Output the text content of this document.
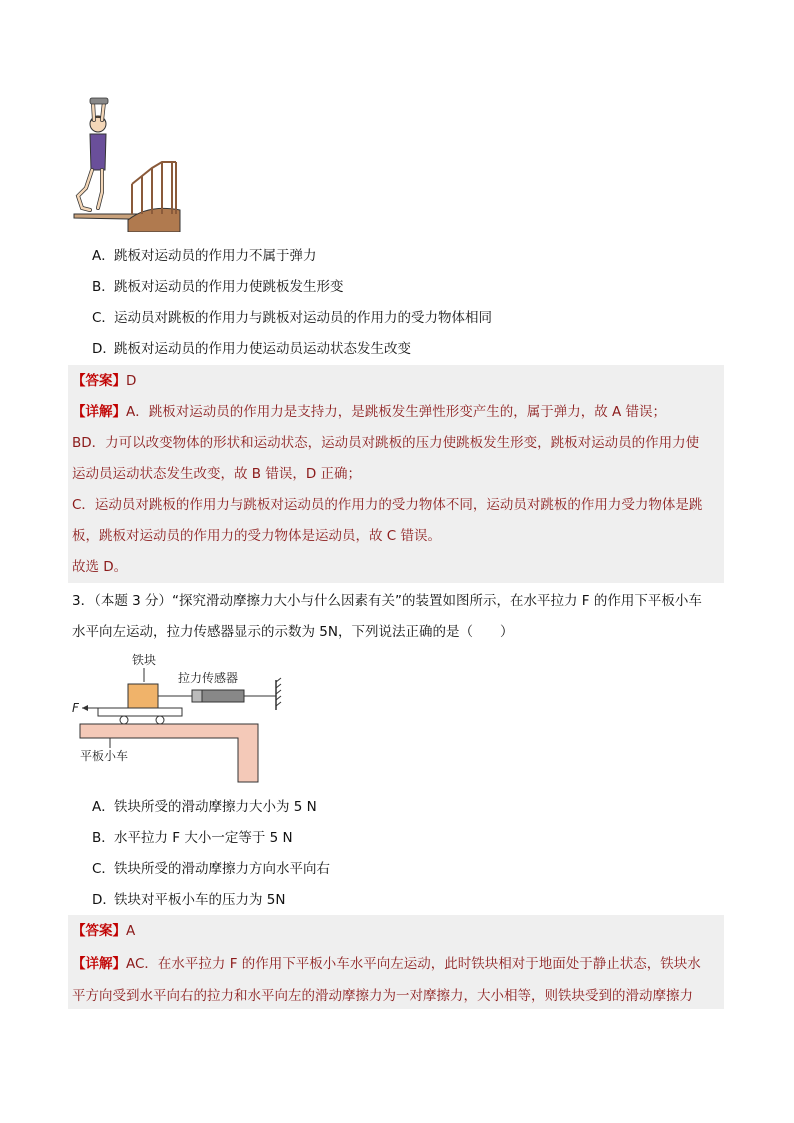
A．跳板对运动员的作用力不属于弹力
B．跳板对运动员的作用力使跳板发生形变
C．运动员对跳板的作用力与跳板对运动员的作用力的受力物体相同
D．跳板对运动员的作用力使运动员运动状态发生改变
【答案】D
【详解】A．跳板对运动员的作用力是支持力，是跳板发生弹性形变产生的，属于弹力，故 A 错误；
BD．力可以改变物体的形状和运动状态，运动员对跳板的压力使跳板发生形变，跳板对运动员的作用力使
运动员运动状态发生改变，故 B 错误，D 正确；
C．运动员对跳板的作用力与跳板对运动员的作用力的受力物体不同，运动员对跳板的作用力受力物体是跳
板，跳板对运动员的作用力的受力物体是运动员，故 C 错误。
故选 D。
3．（本题 3 分）“探究滑动摩擦力大小与什么因素有关”的装置如图所示，在水平拉力 F 的作用下平板小车
水平向左运动，拉力传感器显示的示数为 5N，下列说法正确的是（　　）
铁块
拉力传感器
F
平板小车
A．铁块所受的滑动摩擦力大小为 5 N
B．水平拉力 F 大小一定等于 5 N
C．铁块所受的滑动摩擦力方向水平向右
D．铁块对平板小车的压力为 5N
【答案】A
【详解】AC．在水平拉力 F 的作用下平板小车水平向左运动，此时铁块相对于地面处于静止状态，铁块水
平方向受到水平向右的拉力和水平向左的滑动摩擦力为一对摩擦力，大小相等，则铁块受到的滑动摩擦力
